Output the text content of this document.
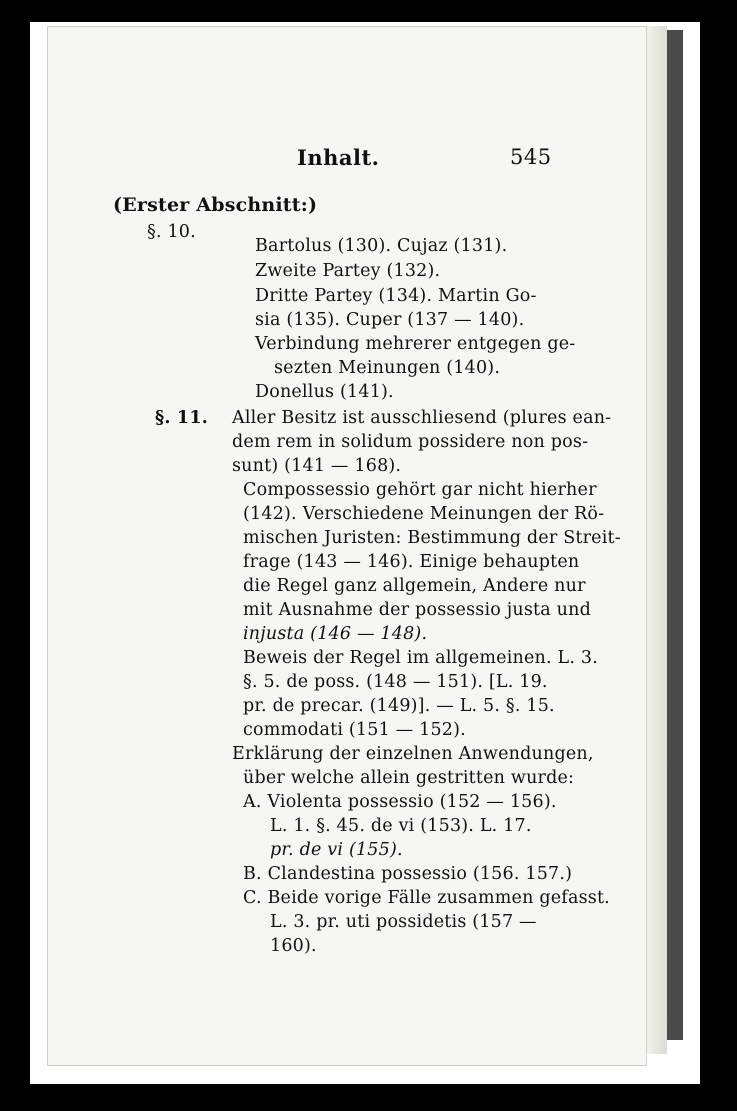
Inhalt.	545
(Erster Abschnitt:)
§. 10.
Bartolus (130). Cujaz (131).
Zweite Partey (132).
Dritte Partey (134). Martin Go-
sia (135). Cuper (137 — 140).
Verbindung mehrerer entgegen ge-
sezten Meinungen (140).
Donellus (141).
§. 11. Aller Besitz ist ausschliesend (plures ean-
dem rem in solidum possidere non pos-
sunt) (141 — 168).
Compossessio gehört gar nicht hierher
(142). Verschiedene Meinungen der Rö-
mischen Juristen: Bestimmung der Streit-
frage (143 — 146). Einige behaupten
die Regel ganz allgemein, Andere nur
mit Ausnahme der possessio justa und
injusta (146 — 148).
Beweis der Regel im allgemeinen. L. 3.
§. 5. de poss. (148 — 151). [L. 19.
pr. de precar. (149)]. — L. 5. §. 15.
commodati (151 — 152).
Erklärung der einzelnen Anwendungen,
über welche allein gestritten wurde:
A. Violenta possessio (152 — 156).
L. 1. §. 45. de vi (153). L. 17.
pr. de vi (155).
B. Clandestina possessio (156. 157.)
C. Beide vorige Fälle zusammen gefasst.
L. 3. pr. uti possidetis (157 —
160).
